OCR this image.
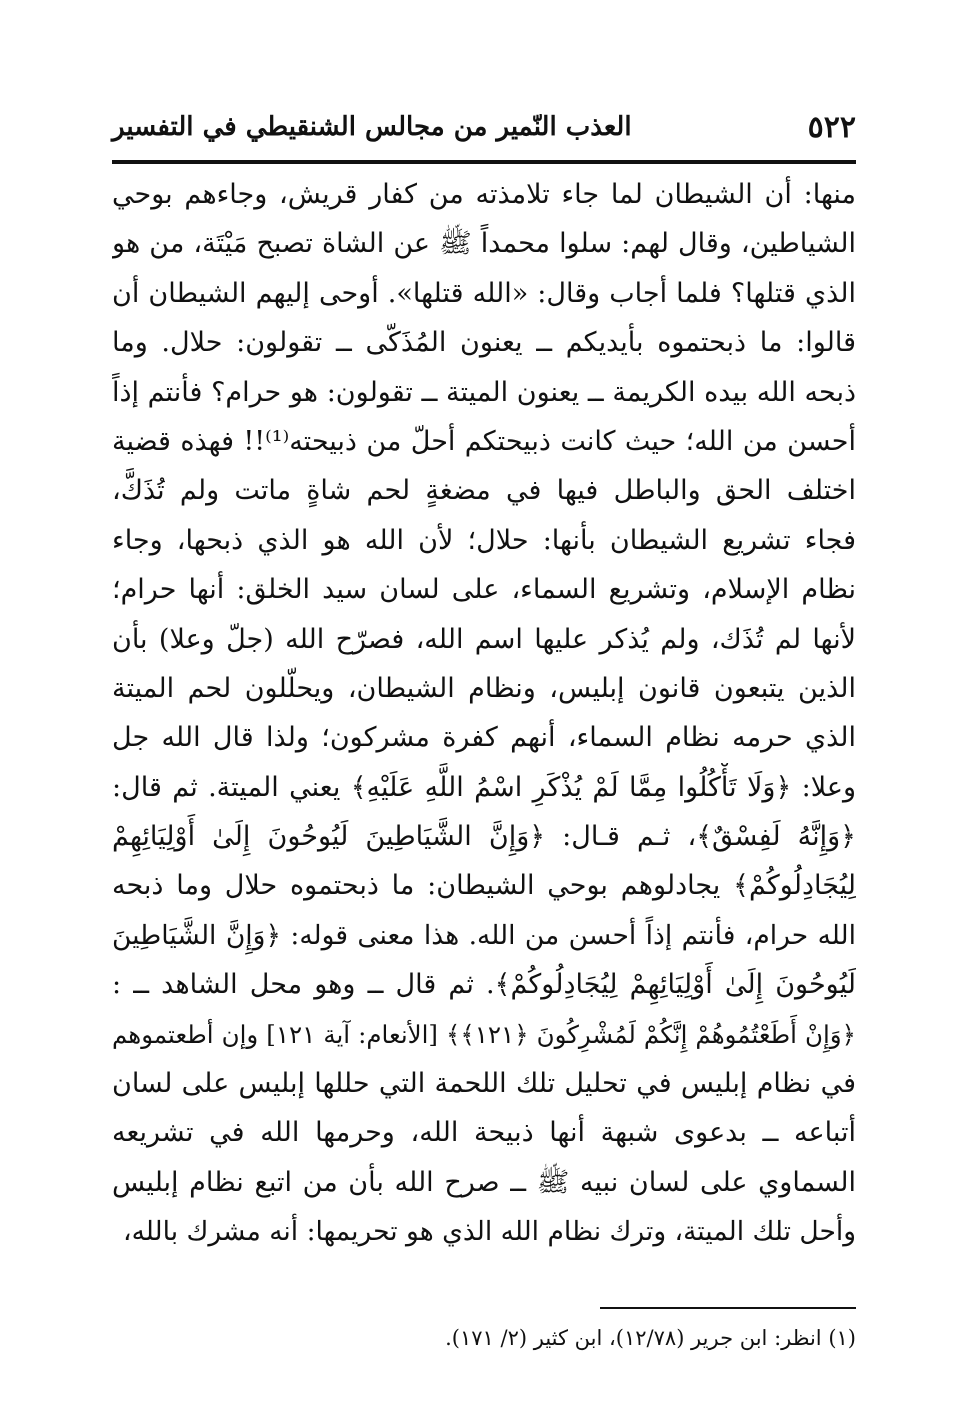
٥٢٢
العذب النّمير من مجالس الشنقيطي في التفسير
منها: أن الشيطان لما جاء تلامذته من كفار قريش، وجاءهم بوحي
الشياطين، وقال لهم: سلوا محمداً ﷺ عن الشاة تصبح مَيْتَة، من هو
الذي قتلها؟ فلما أجاب وقال: «الله قتلها». أوحى إليهم الشيطان أن
قالوا: ما ذبحتموه بأيديكم ــ يعنون المُذَكّى ــ تقولون: حلال. وما
ذبحه الله بيده الكريمة ــ يعنون الميتة ــ تقولون: هو حرام؟ فأنتم إذاً
أحسن من الله؛ حيث كانت ذبيحتكم أحلّ من ذبيحته⁽¹⁾!! فهذه قضية
اختلف الحق والباطل فيها في مضغةٍ لحم شاةٍ ماتت ولم تُذَكَّ،
فجاء تشريع الشيطان بأنها: حلال؛ لأن الله هو الذي ذبحها، وجاء
نظام الإسلام، وتشريع السماء، على لسان سيد الخلق: أنها حرام؛
لأنها لم تُذَك، ولم يُذكر عليها اسم الله، فصرّح الله (جلّ وعلا) بأن
الذين يتبعون قانون إبليس، ونظام الشيطان، ويحلّلون لحم الميتة
الذي حرمه نظام السماء، أنهم كفرة مشركون؛ ولذا قال الله جل
وعلا: ﴿وَلَا تَأْكُلُوا مِمَّا لَمْ يُذْكَرِ اسْمُ اللَّهِ عَلَيْهِ﴾ يعني الميتة. ثم قال:
﴿وَإِنَّهُ لَفِسْقٌ﴾، ثـم قـال: ﴿وَإِنَّ الشَّيَاطِينَ لَيُوحُونَ إِلَىٰ أَوْلِيَائِهِمْ
لِيُجَادِلُوكُمْ﴾ يجادلوهم بوحي الشيطان: ما ذبحتموه حلال وما ذبحه
الله حرام، فأنتم إذاً أحسن من الله. هذا معنى قوله: ﴿وَإِنَّ الشَّيَاطِينَ
لَيُوحُونَ إِلَىٰ أَوْلِيَائِهِمْ لِيُجَادِلُوكُمْ﴾. ثم قال ــ وهو محل الشاهد ــ :
﴿وَإِنْ أَطَعْتُمُوهُمْ إِنَّكُمْ لَمُشْرِكُونَ ﴿١٢١﴾﴾ [الأنعام: آية ١٢١] وإن أطعتموهم
في نظام إبليس في تحليل تلك اللحمة التي حللها إبليس على لسان
أتباعه ــ بدعوى شبهة أنها ذبيحة الله، وحرمها الله في تشريعه
السماوي على لسان نبيه ﷺ ــ صرح الله بأن من اتبع نظام إبليس
وأحل تلك الميتة، وترك نظام الله الذي هو تحريمها: أنه مشرك بالله،
(١) انظر: ابن جرير (١٢/٧٨)، ابن كثير (٢/ ١٧١).
